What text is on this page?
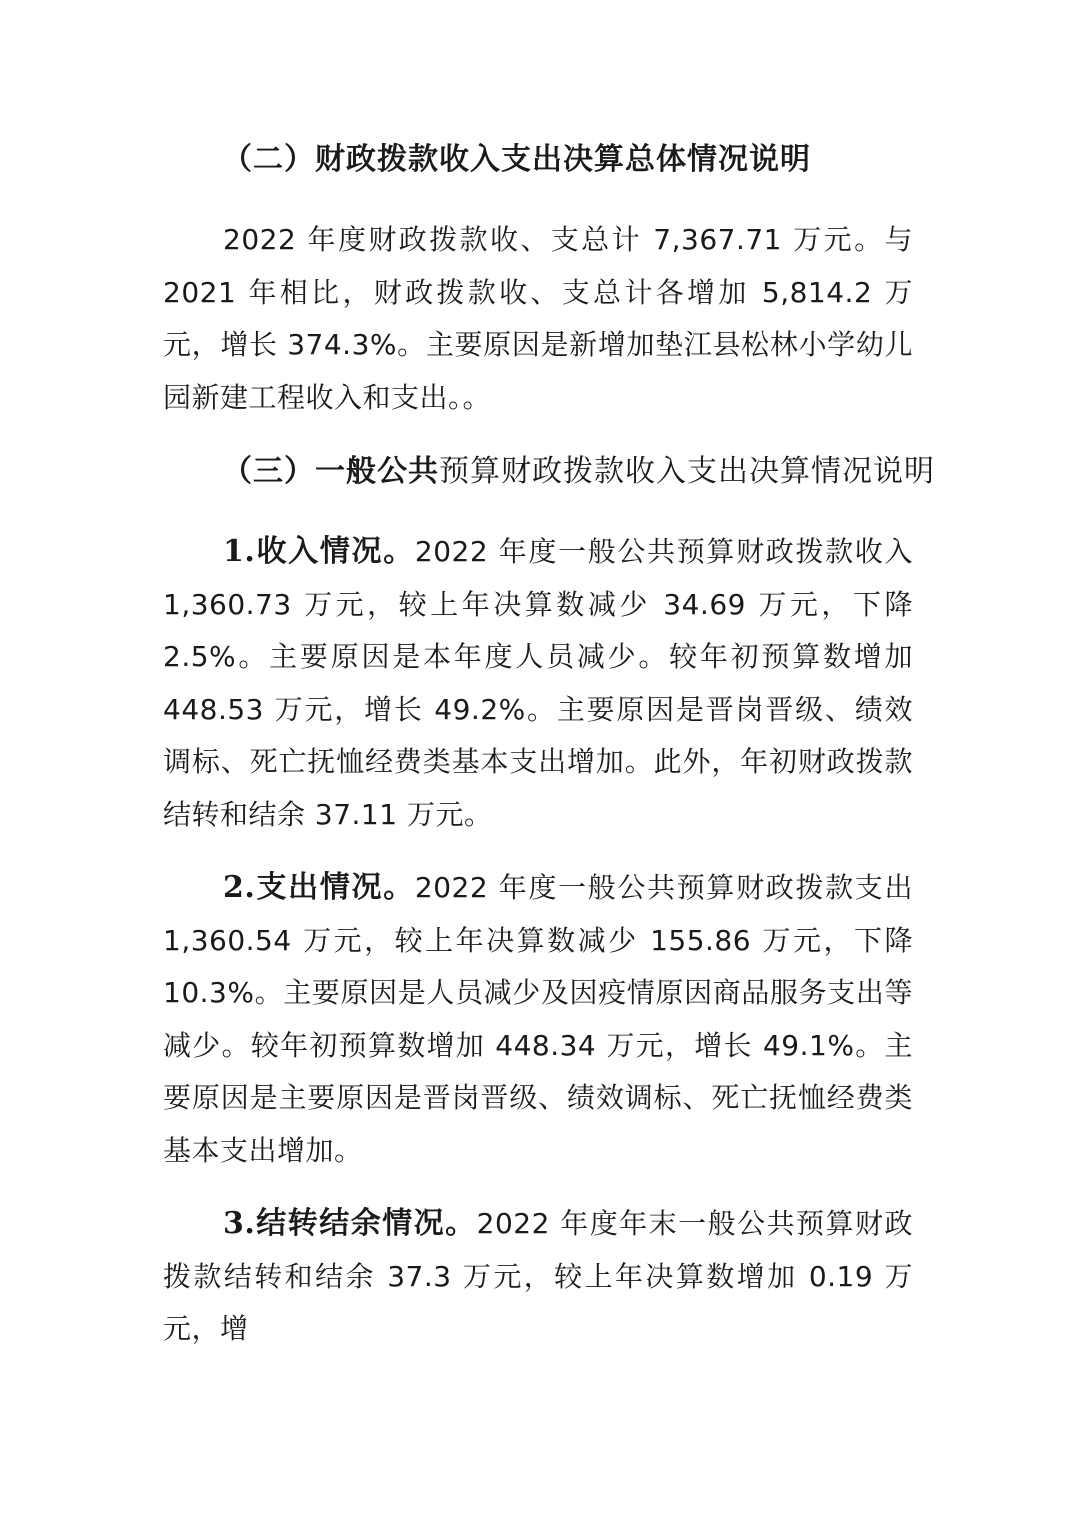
（二）财政拨款收入支出决算总体情况说明
2022 年度财政拨款收、支总计 7,367.71 万元。与 2021 年相比，财政拨款收、支总计各增加 5,814.2 万元，增长 374.3%。主要原因是新增加垫江县松林小学幼儿园新建工程收入和支出。。
（三）一般公共预算财政拨款收入支出决算情况说明
1.收入情况。2022 年度一般公共预算财政拨款收入 1,360.73 万元，较上年决算数减少 34.69 万元，下降 2.5%。主要原因是本年度人员减少。较年初预算数增加 448.53 万元，增长 49.2%。主要原因是晋岗晋级、绩效调标、死亡抚恤经费类基本支出增加。此外，年初财政拨款结转和结余 37.11 万元。
2.支出情况。2022 年度一般公共预算财政拨款支出 1,360.54 万元，较上年决算数减少 155.86 万元，下降 10.3%。主要原因是人员减少及因疫情原因商品服务支出等减少。较年初预算数增加 448.34 万元，增长 49.1%。主要原因是主要原因是晋岗晋级、绩效调标、死亡抚恤经费类基本支出增加。
3.结转结余情况。2022 年度年末一般公共预算财政拨款结转和结余 37.3 万元，较上年决算数增加 0.19 万元，增
